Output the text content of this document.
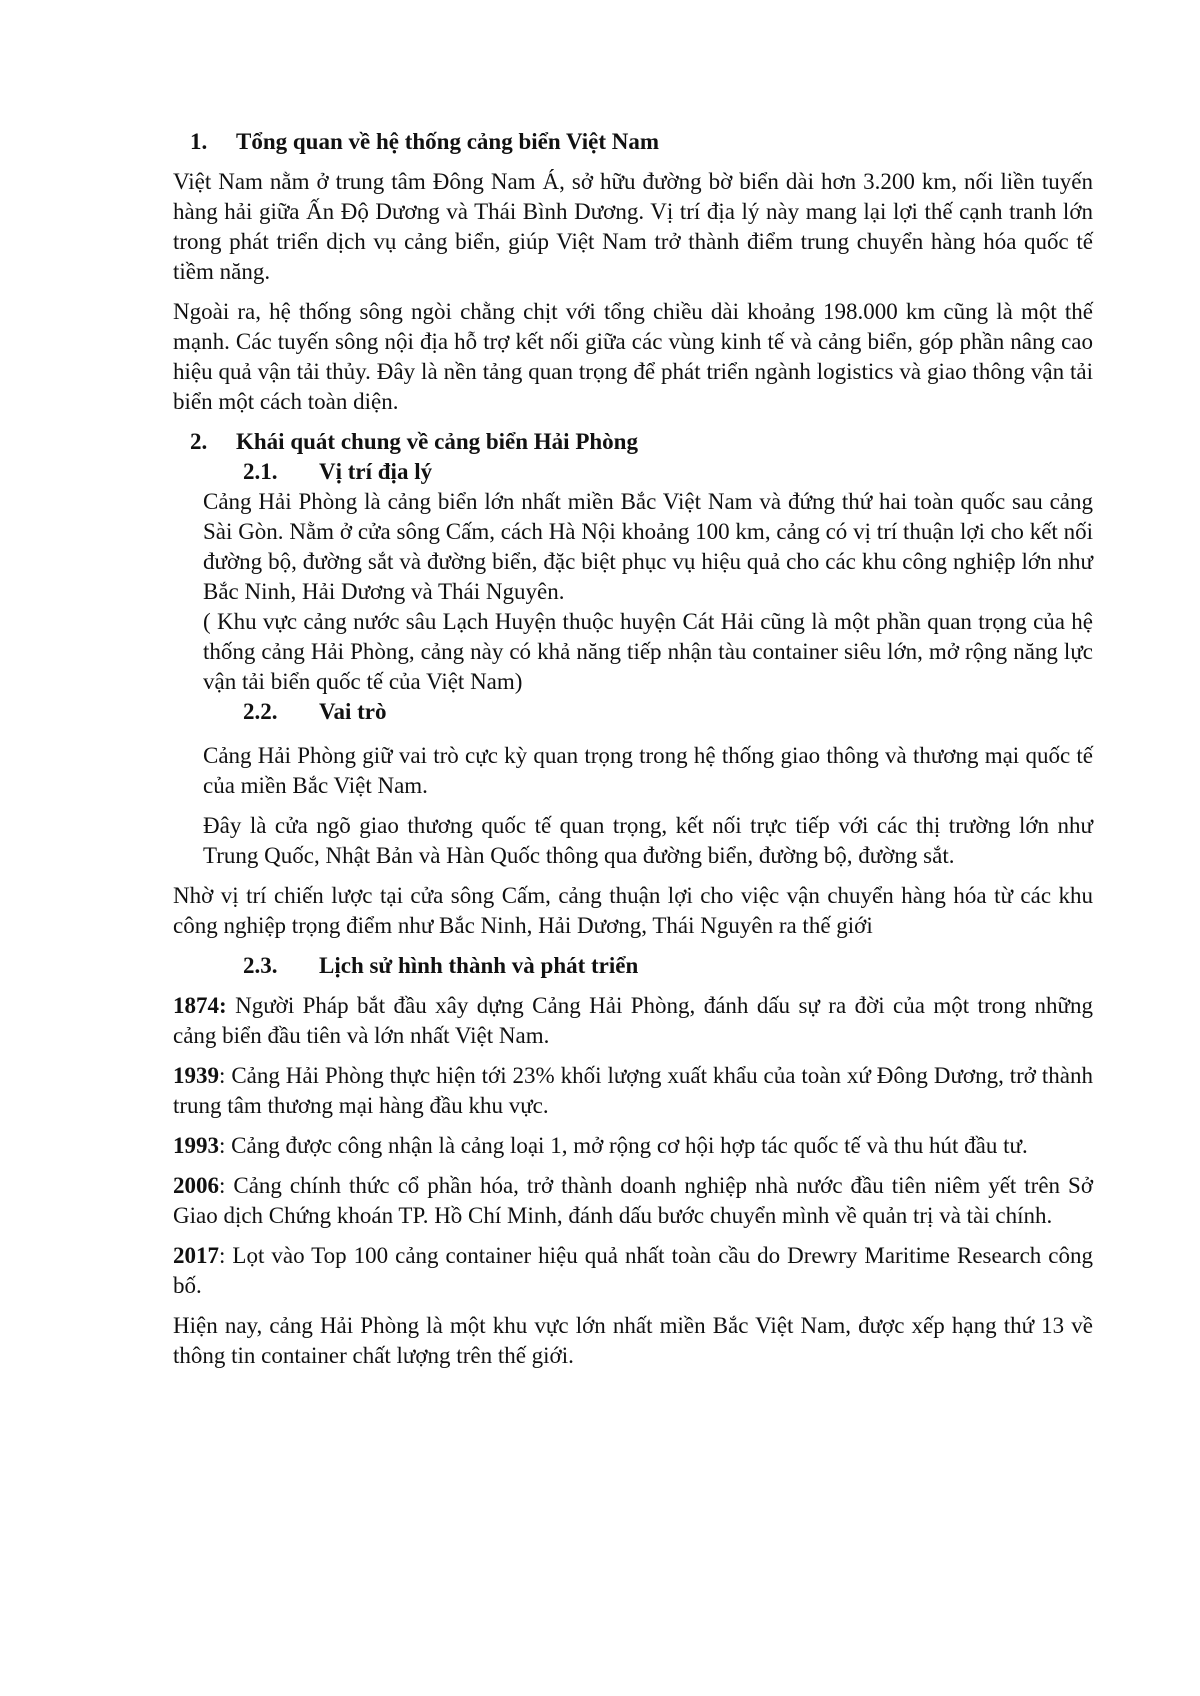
1.	Tổng quan về hệ thống cảng biển Việt Nam

Việt Nam nằm ở trung tâm Đông Nam Á, sở hữu đường bờ biển dài hơn 3.200 km, nối liền tuyến hàng hải giữa Ấn Độ Dương và Thái Bình Dương. Vị trí địa lý này mang lại lợi thế cạnh tranh lớn trong phát triển dịch vụ cảng biển, giúp Việt Nam trở thành điểm trung chuyển hàng hóa quốc tế tiềm năng.

Ngoài ra, hệ thống sông ngòi chằng chịt với tổng chiều dài khoảng 198.000 km cũng là một thế mạnh. Các tuyến sông nội địa hỗ trợ kết nối giữa các vùng kinh tế và cảng biển, góp phần nâng cao hiệu quả vận tải thủy. Đây là nền tảng quan trọng để phát triển ngành logistics và giao thông vận tải biển một cách toàn diện.

2.	Khái quát chung về cảng biển Hải Phòng
2.1.	Vị trí địa lý

Cảng Hải Phòng là cảng biển lớn nhất miền Bắc Việt Nam và đứng thứ hai toàn quốc sau cảng Sài Gòn. Nằm ở cửa sông Cấm, cách Hà Nội khoảng 100 km, cảng có vị trí thuận lợi cho kết nối đường bộ, đường sắt và đường biển, đặc biệt phục vụ hiệu quả cho các khu công nghiệp lớn như Bắc Ninh, Hải Dương và Thái Nguyên.

( Khu vực cảng nước sâu Lạch Huyện thuộc huyện Cát Hải cũng là một phần quan trọng của hệ thống cảng Hải Phòng, cảng này có khả năng tiếp nhận tàu container siêu lớn, mở rộng năng lực vận tải biển quốc tế của Việt Nam)

2.2.	Vai trò

Cảng Hải Phòng giữ vai trò cực kỳ quan trọng trong hệ thống giao thông và thương mại quốc tế của miền Bắc Việt Nam.

Đây là cửa ngõ giao thương quốc tế quan trọng, kết nối trực tiếp với các thị trường lớn như Trung Quốc, Nhật Bản và Hàn Quốc thông qua đường biển, đường bộ, đường sắt.

Nhờ vị trí chiến lược tại cửa sông Cấm, cảng thuận lợi cho việc vận chuyển hàng hóa từ các khu công nghiệp trọng điểm như Bắc Ninh, Hải Dương, Thái Nguyên ra thế giới

2.3.	Lịch sử hình thành và phát triển

1874: Người Pháp bắt đầu xây dựng Cảng Hải Phòng, đánh dấu sự ra đời của một trong những cảng biển đầu tiên và lớn nhất Việt Nam.

1939: Cảng Hải Phòng thực hiện tới 23% khối lượng xuất khẩu của toàn xứ Đông Dương, trở thành trung tâm thương mại hàng đầu khu vực.

1993: Cảng được công nhận là cảng loại 1, mở rộng cơ hội hợp tác quốc tế và thu hút đầu tư.

2006: Cảng chính thức cổ phần hóa, trở thành doanh nghiệp nhà nước đầu tiên niêm yết trên Sở Giao dịch Chứng khoán TP. Hồ Chí Minh, đánh dấu bước chuyển mình về quản trị và tài chính.

2017: Lọt vào Top 100 cảng container hiệu quả nhất toàn cầu do Drewry Maritime Research công bố.

Hiện nay, cảng Hải Phòng là một khu vực lớn nhất miền Bắc Việt Nam, được xếp hạng thứ 13 về thông tin container chất lượng trên thế giới.
